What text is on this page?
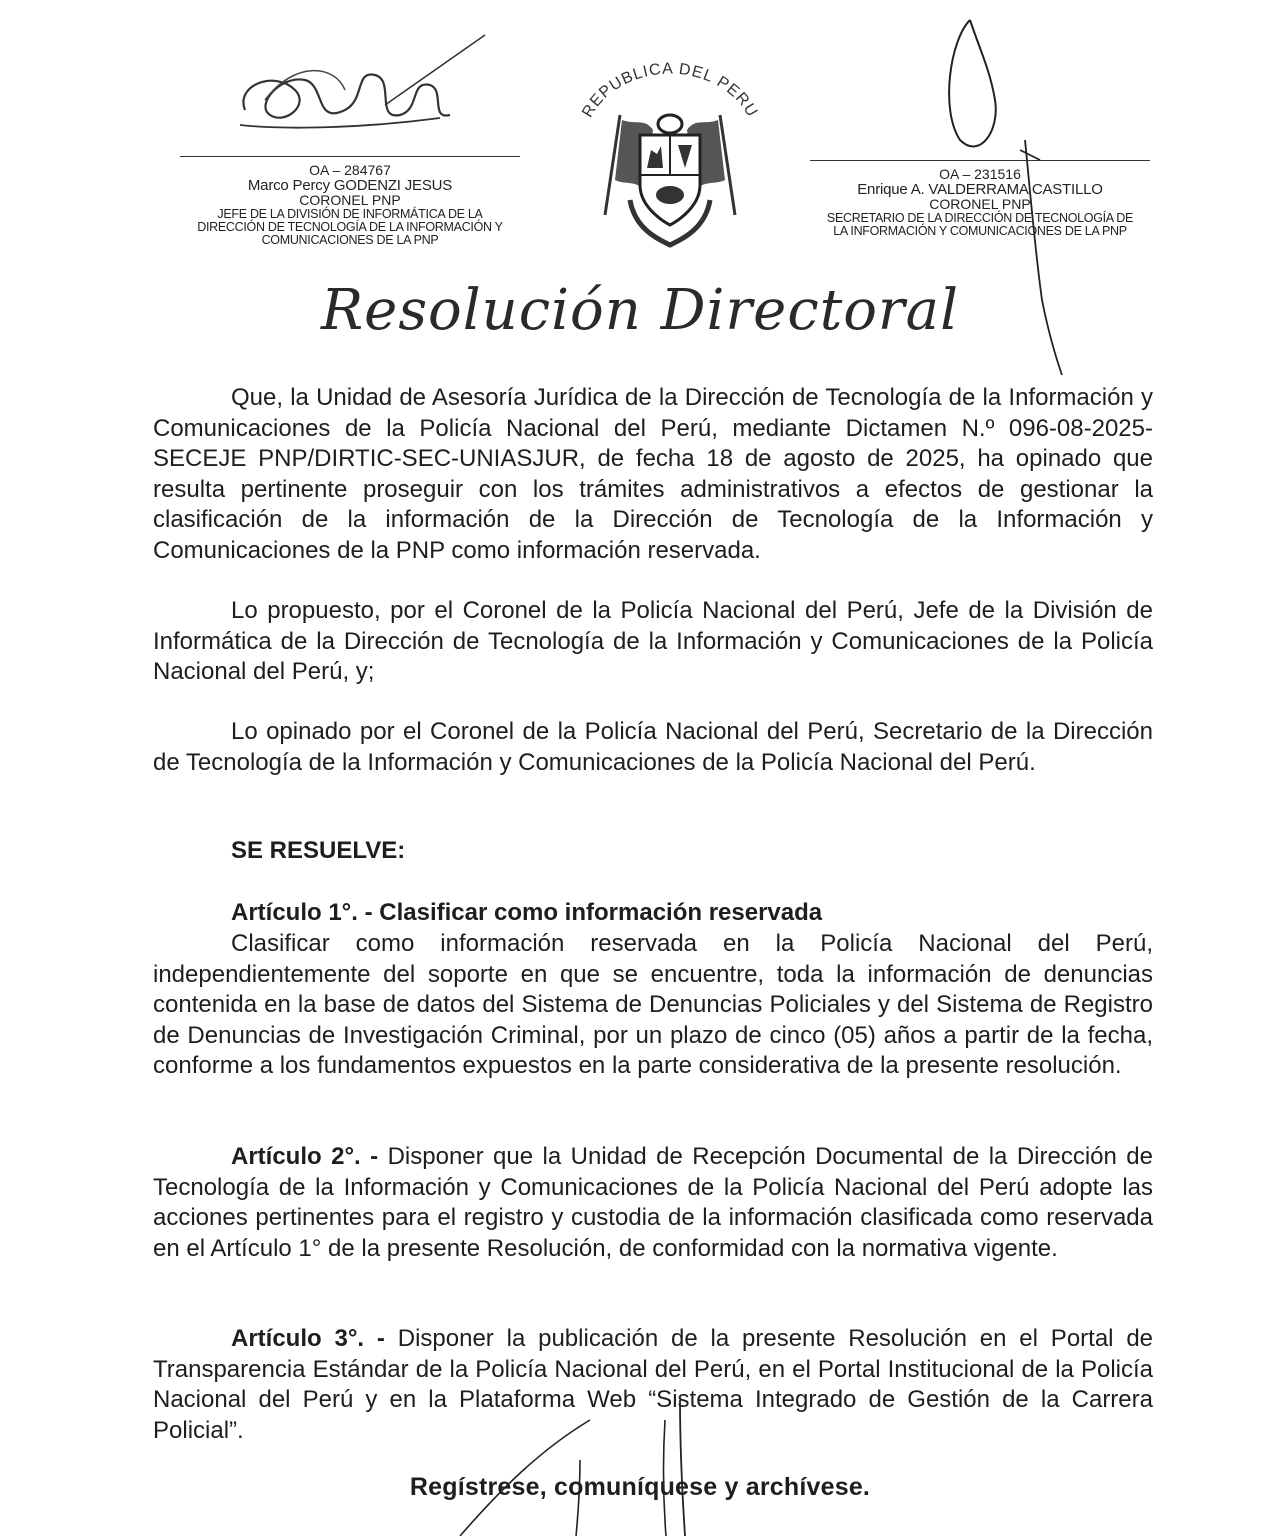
OA – 284767
Marco Percy GODENZI JESUS
CORONEL PNP
JEFE DE LA DIVISIÓN DE INFORMÁTICA DE LA
DIRECCIÓN DE TECNOLOGÍA DE LA INFORMACIÓN Y
COMUNICACIONES DE LA PNP
REPUBLICA DEL PERU
OA – 231516
Enrique A. VALDERRAMA CASTILLO
CORONEL PNP
SECRETARIO DE LA DIRECCIÓN DE TECNOLOGÍA DE
LA INFORMACIÓN Y COMUNICACIONES DE LA PNP
Resolución Directoral

Que, la Unidad de Asesoría Jurídica de la Dirección de Tecnología de la Información y Comunicaciones de la Policía Nacional del Perú, mediante Dictamen N.º 096-08-2025-SECEJE PNP/DIRTIC-SEC-UNIASJUR, de fecha 18 de agosto de 2025, ha opinado que resulta pertinente proseguir con los trámites administrativos a efectos de gestionar la clasificación de la información de la Dirección de Tecnología de la Información y Comunicaciones de la PNP como información reservada.

Lo propuesto, por el Coronel de la Policía Nacional del Perú, Jefe de la División de Informática de la Dirección de Tecnología de la Información y Comunicaciones de la Policía Nacional del Perú, y;

Lo opinado por el Coronel de la Policía Nacional del Perú, Secretario de la Dirección de Tecnología de la Información y Comunicaciones de la Policía Nacional del Perú.

SE RESUELVE:
Artículo 1°. - Clasificar como información reservada

Clasificar como información reservada en la Policía Nacional del Perú, independientemente del soporte en que se encuentre, toda la información de denuncias contenida en la base de datos del Sistema de Denuncias Policiales y del Sistema de Registro de Denuncias de Investigación Criminal, por un plazo de cinco (05) años a partir de la fecha, conforme a los fundamentos expuestos en la parte considerativa de la presente resolución.

Artículo 2°. - Disponer que la Unidad de Recepción Documental de la Dirección de Tecnología de la Información y Comunicaciones de la Policía Nacional del Perú adopte las acciones pertinentes para el registro y custodia de la información clasificada como reservada en el Artículo 1° de la presente Resolución, de conformidad con la normativa vigente.

Artículo 3°. - Disponer la publicación de la presente Resolución en el Portal de Transparencia Estándar de la Policía Nacional del Perú, en el Portal Institucional de la Policía Nacional del Perú y en la Plataforma Web “Sistema Integrado de Gestión de la Carrera Policial”.

Regístrese, comuníquese y archívese.
